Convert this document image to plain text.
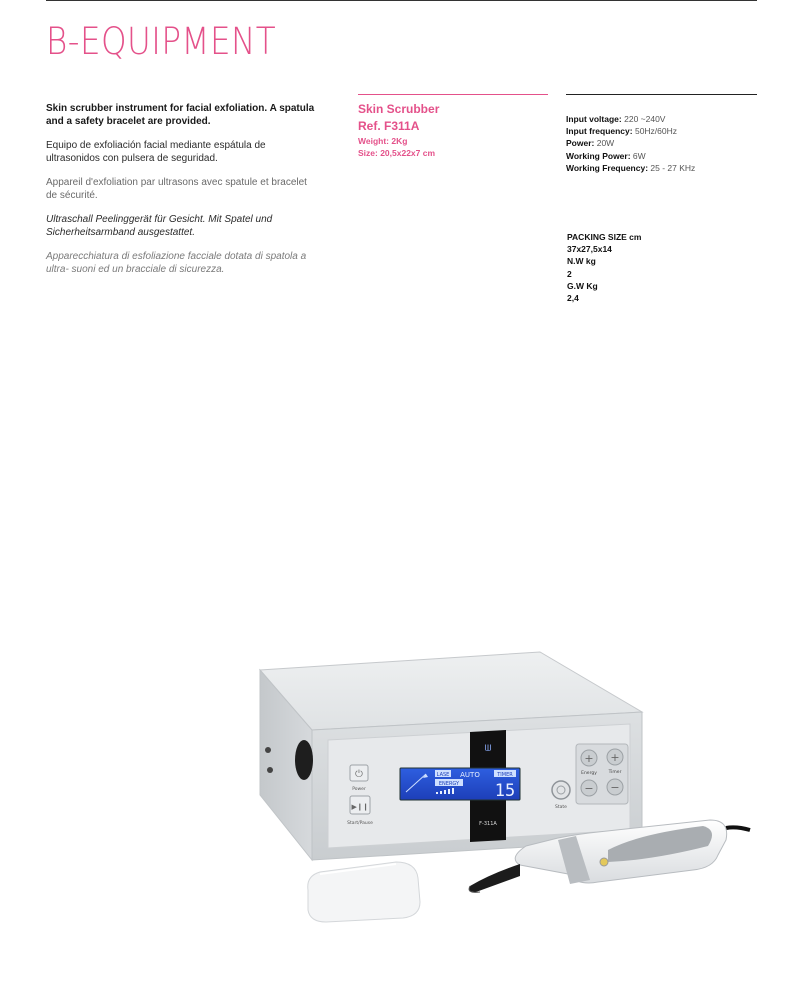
B-EQUIPMENT

Skin scrubber instrument for facial exfoliation. A spatula and a safety bracelet are provided.

Equipo de exfoliación facial mediante espátula de ultrasonidos con pulsera de seguridad.

Appareil d'exfoliation par ultrasons avec spatule et bracelet de sécurité.

Ultraschall Peelinggerät für Gesicht. Mit Spatel und Sicherheitsarmband ausgestattet.

Apparecchiatura di esfoliazione facciale dotata di spatola a ultra- suoni ed un bracciale di sicurezza.

Skin Scrubber
Ref. F311A
Weight: 2Kg
Size: 20,5x22x7 cm
Input voltage: 220 ~240V
Input frequency: 50Hz/60Hz
Power: 20W
Working Power: 6W
Working Frequency: 25 - 27 KHz
PACKING SIZE cm
37x27,5x14
N.W kg
2
G.W Kg
2,4
ᗯ
F-311A
⏻
Power
▶❙❙
Start/Pause
LASE AUTO
ENERGY
TIMER
15
State
+ +
Energy	Timer
− −
